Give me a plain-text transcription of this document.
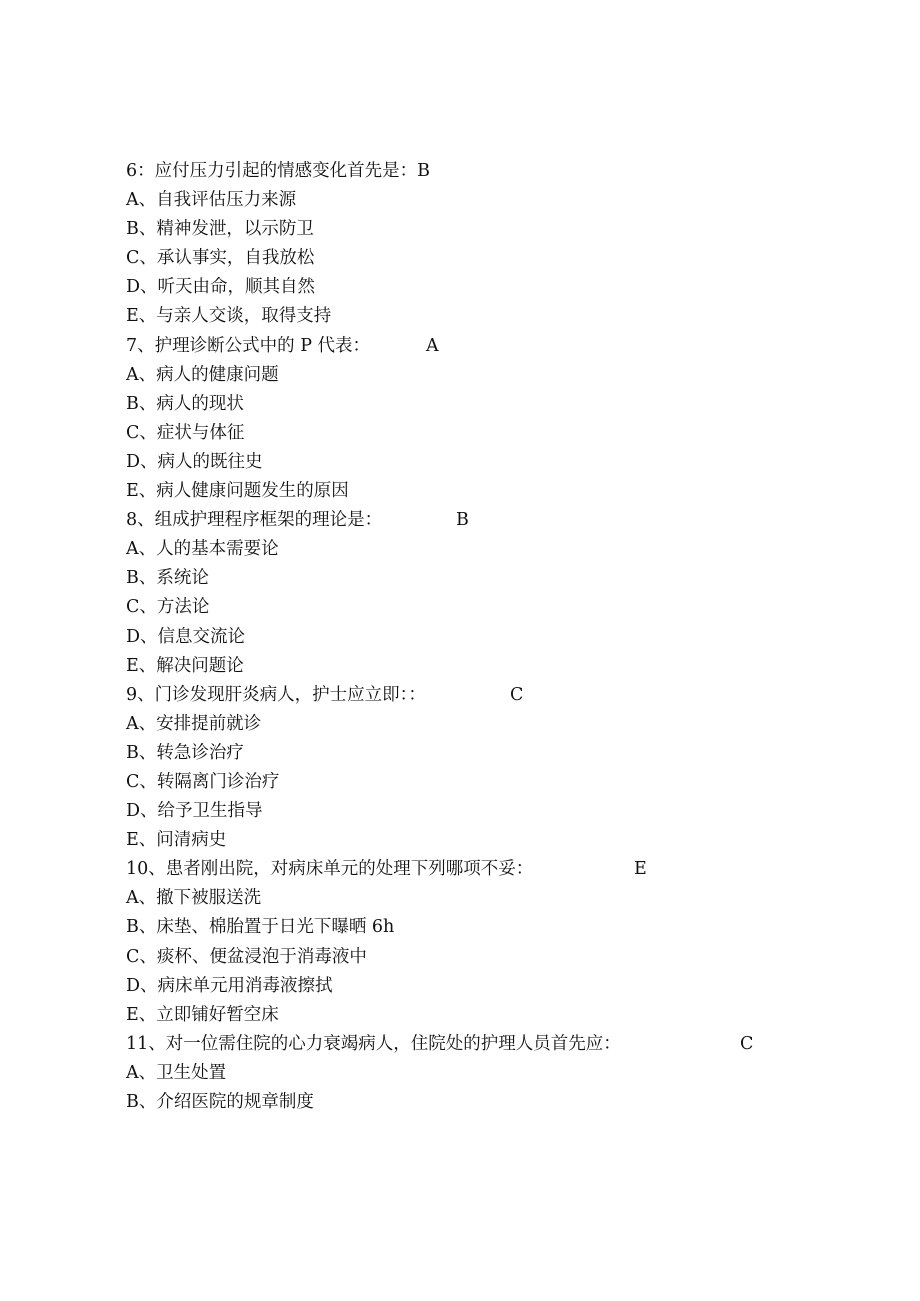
6：应付压力引起的情感变化首先是：B
A、自我评估压力来源
B、精神发泄，以示防卫
C、承认事实，自我放松
D、听天由命，顺其自然
E、与亲人交谈，取得支持
7、护理诊断公式中的 P 代表：	A
A、病人的健康问题
B、病人的现状
C、症状与体征
D、病人的既往史
E、病人健康问题发生的原因
8、组成护理程序框架的理论是：	B
A、人的基本需要论
B、系统论
C、方法论
D、信息交流论
E、解决问题论
9、门诊发现肝炎病人，护士应立即：：	C
A、安排提前就诊
B、转急诊治疗
C、转隔离门诊治疗
D、给予卫生指导
E、问清病史
10、患者刚出院，对病床单元的处理下列哪项不妥：	E
A、撤下被服送洗
B、床垫、棉胎置于日光下曝晒 6h
C、痰杯、便盆浸泡于消毒液中
D、病床单元用消毒液擦拭
E、立即铺好暂空床
11、对一位需住院的心力衰竭病人，住院处的护理人员首先应：	C
A、卫生处置
B、介绍医院的规章制度
